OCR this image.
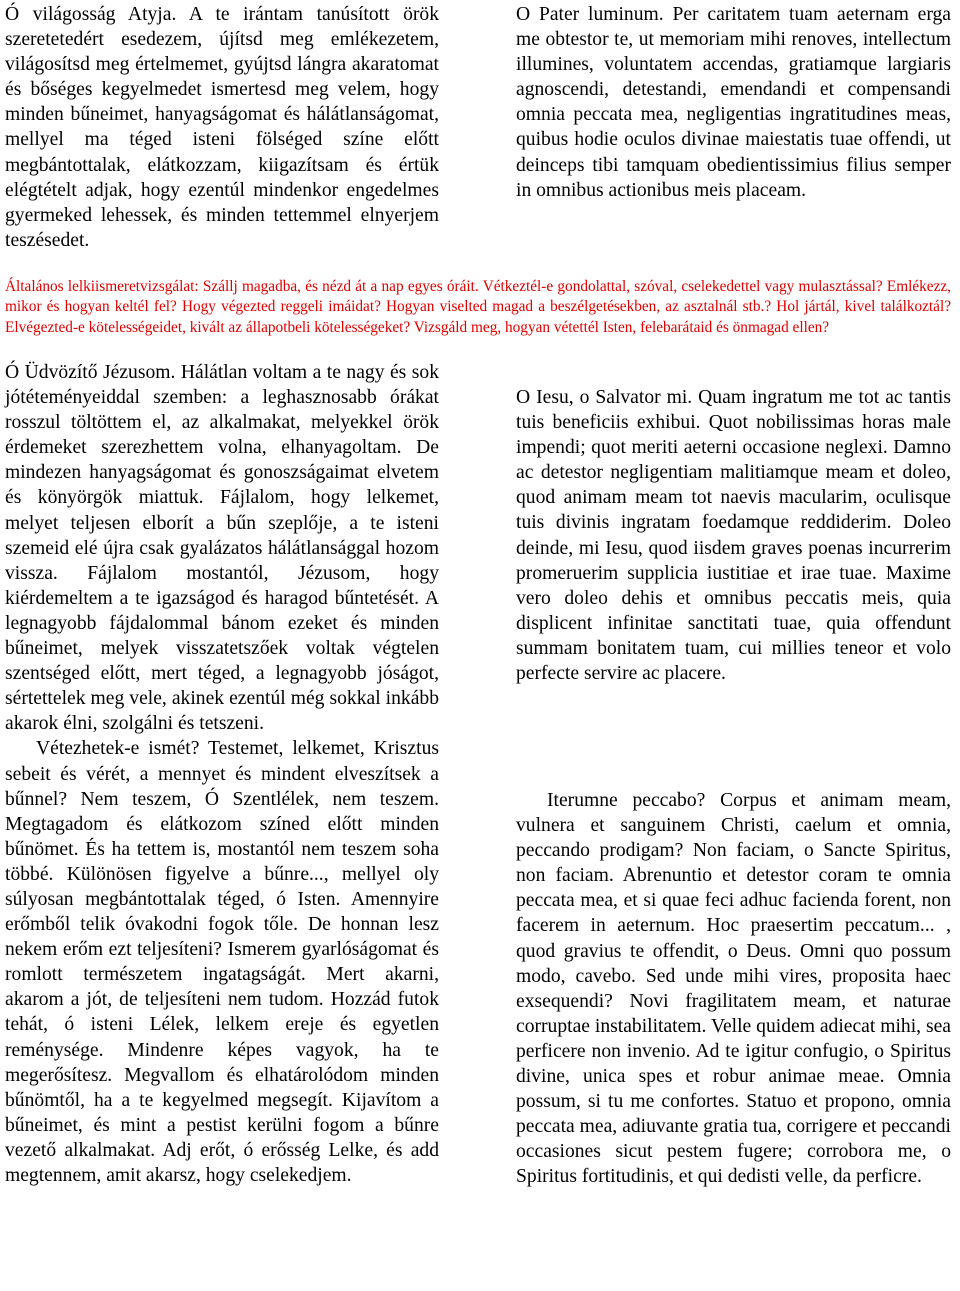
Ó világosság Atyja. A te irántam tanúsított örök szeretetedért esedezem, újítsd meg emlékezetem, világosítsd meg értelmemet, gyújtsd lángra akaratomat és bőséges kegyelmedet ismertesd meg velem, hogy minden bűneimet, hanyagságomat és hálátlanságomat, mellyel ma téged isteni fölséged színe előtt megbántottalak, elátkozzam, kiigazítsam és értük elégtételt adjak, hogy ezentúl mindenkor engedelmes gyermeked lehessek, és minden tettemmel elnyerjem teszésedet.

O Pater luminum. Per caritatem tuam aeternam erga me obtestor te, ut memoriam mihi renoves, intellectum illumines, voluntatem accendas, gratiamque largiaris agnoscendi, detestandi, emendandi et compensandi omnia peccata mea, negligentias ingratitudines meas, quibus hodie oculos divinae maiestatis tuae offendi, ut deinceps tibi tamquam obedientissimius filius semper in omnibus actionibus meis placeam.

Általános lelkiismeretvizsgálat: Szállj magadba, és nézd át a nap egyes óráit. Vétkeztél-e gondolattal, szóval, cselekedettel vagy mulasztással? Emlékezz, mikor és hogyan keltél fel? Hogy végezted reggeli imáidat? Hogyan viselted magad a beszélgetésekben, az asztalnál stb.? Hol jártál, kivel találkoztál? Elvégezted-e kötelességeidet, kivált az állapotbeli kötelességeket? Vizsgáld meg, hogyan vétettél Isten, felebarátaid és önmagad ellen?

Ó Üdvözítő Jézusom. Hálátlan voltam a te nagy és sok jótéteményeiddal szemben: a leghasznosabb órákat rosszul töltöttem el, az alkalmakat, melyekkel örök érdemeket szerezhettem volna, elhanyagoltam. De mindezen hanyagságomat és gonoszságaimat elvetem és könyörgök miattuk. Fájlalom, hogy lelkemet, melyet teljesen elborít a bűn szeplője, a te isteni szemeid elé újra csak gyalázatos hálátlansággal hozom vissza. Fájlalom mostantól, Jézusom, hogy kiérdemeltem a te igazságod és haragod bűntetését. A legnagyobb fájdalommal bánom ezeket és minden bűneimet, melyek visszatetszőek voltak végtelen szentséged előtt, mert téged, a legnagyobb jóságot, sértettelek meg vele, akinek ezentúl még sokkal inkább akarok élni, szolgálni és tetszeni.

Vétezhetek-e ismét? Testemet, lelkemet, Krisztus sebeit és vérét, a mennyet és mindent elveszítsek a bűnnel? Nem teszem, Ó Szentlélek, nem teszem. Megtagadom és elátkozom színed előtt minden bűnömet. És ha tettem is, mostantól nem teszem soha többé. Különösen figyelve a bűnre..., mellyel oly súlyosan megbántottalak téged, ó Isten. Amennyire erőmből telik óvakodni fogok tőle. De honnan lesz nekem erőm ezt teljesíteni? Ismerem gyarlóságomat és romlott természetem ingatagságát. Mert akarni, akarom a jót, de teljesíteni nem tudom. Hozzád futok tehát, ó isteni Lélek, lelkem ereje és egyetlen reménysége. Mindenre képes vagyok, ha te megerősítesz. Megvallom és elhatárolódom minden bűnömtől, ha a te kegyelmed megsegít. Kijavítom a bűneimet, és mint a pestist kerülni fogom a bűnre vezető alkalmakat. Adj erőt, ó erősség Lelke, és add megtennem, amit akarsz, hogy cselekedjem.

O Iesu, o Salvator mi. Quam ingratum me tot ac tantis tuis beneficiis exhibui. Quot nobilissimas horas male impendi; quot meriti aeterni occasione neglexi. Damno ac detestor negligentiam malitiamque meam et doleo, quod animam meam tot naevis macularim, oculisque tuis divinis ingratam foedamque reddiderim. Doleo deinde, mi Iesu, quod iisdem graves poenas incurrerim promeruerim supplicia iustitiae et irae tuae. Maxime vero doleo dehis et omnibus peccatis meis, quia displicent infinitae sanctitati tuae, quia offendunt summam bonitatem tuam, cui millies teneor et volo perfecte servire ac placere.

Iterumne peccabo? Corpus et animam meam, vulnera et sanguinem Christi, caelum et omnia, peccando prodigam? Non faciam, o Sancte Spiritus, non faciam. Abrenuntio et detestor coram te omnia peccata mea, et si quae feci adhuc facienda forent, non facerem in aeternum. Hoc praesertim peccatum... , quod gravius te offendit, o Deus. Omni quo possum modo, cavebo. Sed unde mihi vires, proposita haec exsequendi? Novi fragilitatem meam, et naturae corruptae instabilitatem. Velle quidem adiecat mihi, sea perficere non invenio. Ad te igitur confugio, o Spiritus divine, unica spes et robur animae meae. Omnia possum, si tu me confortes. Statuo et propono, omnia peccata mea, adiuvante gratia tua, corrigere et peccandi occasiones sicut pestem fugere; corrobora me, o Spiritus fortitudinis, et qui dedisti velle, da perficre.
